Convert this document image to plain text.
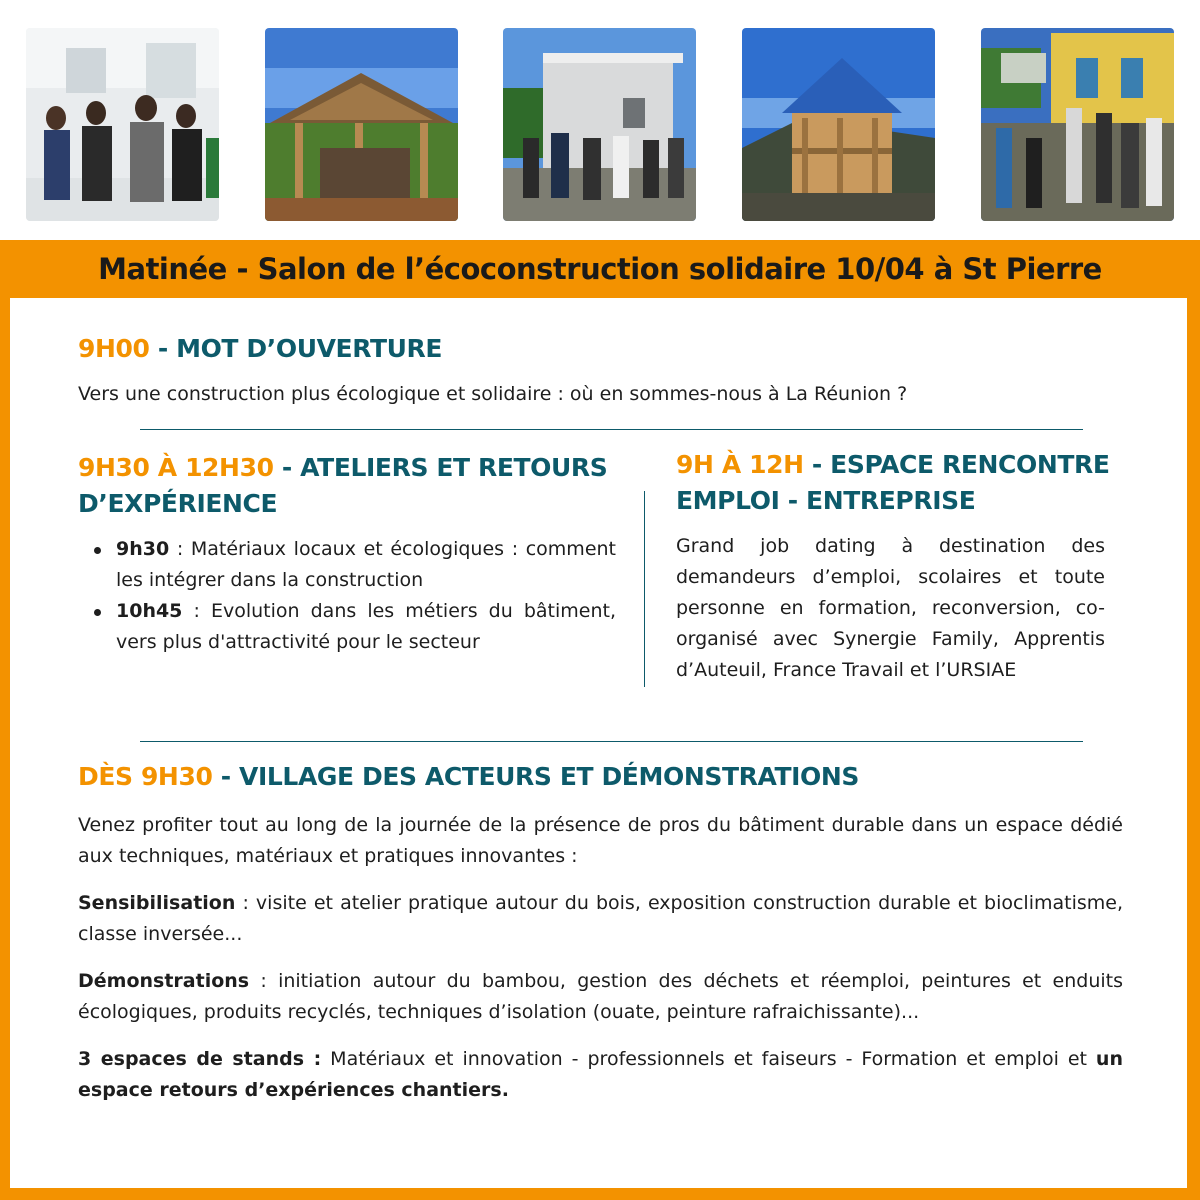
Matinée - Salon de l’écoconstruction solidaire 10/04 à St Pierre
9H00 - MOT D’OUVERTURE
Vers une construction plus écologique et solidaire : où en sommes-nous à La Réunion ?
9H30 À 12H30 - ATELIERS ET RETOURS
D’EXPÉRIENCE
9h30 : Matériaux locaux et écologiques : comment les intégrer dans la construction
10h45 : Evolution dans les métiers du bâtiment, vers plus d'attractivité pour le secteur
9H À 12H - ESPACE RENCONTRE
EMPLOI - ENTREPRISE
Grand job dating à destination des demandeurs d’emploi, scolaires et toute personne en formation, reconversion, co-organisé avec Synergie Family, Apprentis d’Auteuil, France Travail et l’URSIAE
DÈS 9H30 - VILLAGE DES ACTEURS ET DÉMONSTRATIONS
Venez profiter tout au long de la journée de la présence de pros du bâtiment durable dans un espace dédié aux techniques, matériaux et pratiques innovantes :
Sensibilisation : visite et atelier pratique autour du bois, exposition construction durable et bioclimatisme, classe inversée...
Démonstrations : initiation autour du bambou, gestion des déchets et réemploi, peintures et enduits écologiques, produits recyclés, techniques d’isolation (ouate, peinture rafraichissante)...
3 espaces de stands : Matériaux et innovation - professionnels et faiseurs - Formation et emploi et un espace retours d’expériences chantiers.
